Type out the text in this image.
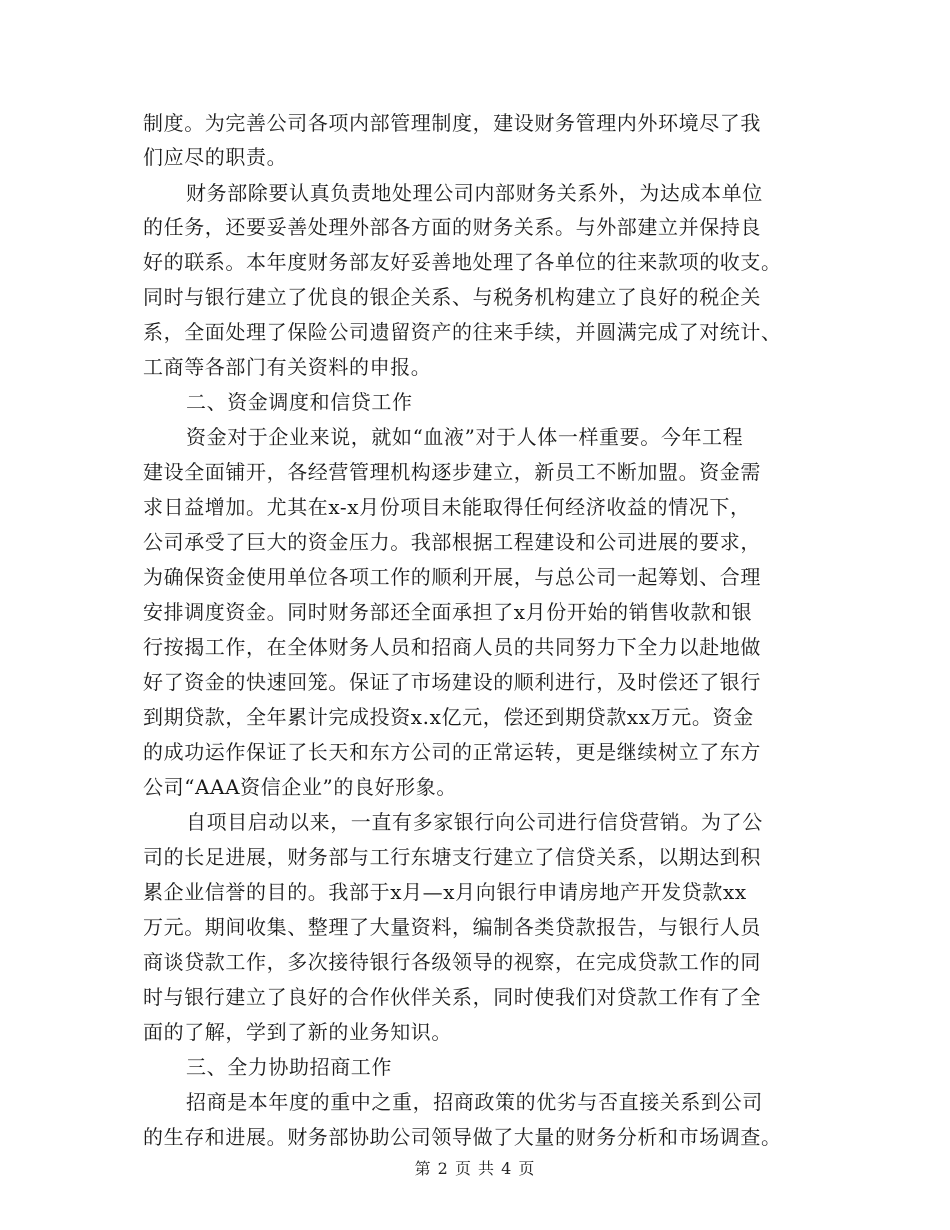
制度。为完善公司各项内部管理制度，建设财务管理内外环境尽了我
们应尽的职责。
财务部除要认真负责地处理公司内部财务关系外，为达成本单位
的任务，还要妥善处理外部各方面的财务关系。与外部建立并保持良
好的联系。本年度财务部友好妥善地处理了各单位的往来款项的收支。
同时与银行建立了优良的银企关系、与税务机构建立了良好的税企关
系，全面处理了保险公司遗留资产的往来手续，并圆满完成了对统计、
工商等各部门有关资料的申报。
二、资金调度和信贷工作
资金对于企业来说，就如“血液”对于人体一样重要。今年工程
建设全面铺开，各经营管理机构逐步建立，新员工不断加盟。资金需
求日益增加。尤其在x-x月份项目未能取得任何经济收益的情况下，
公司承受了巨大的资金压力。我部根据工程建设和公司进展的要求，
为确保资金使用单位各项工作的顺利开展，与总公司一起筹划、合理
安排调度资金。同时财务部还全面承担了x月份开始的销售收款和银
行按揭工作，在全体财务人员和招商人员的共同努力下全力以赴地做
好了资金的快速回笼。保证了市场建设的顺利进行，及时偿还了银行
到期贷款，全年累计完成投资x.x亿元，偿还到期贷款xx万元。资金
的成功运作保证了长天和东方公司的正常运转，更是继续树立了东方
公司“AAA资信企业”的良好形象。
自项目启动以来，一直有多家银行向公司进行信贷营销。为了公
司的长足进展，财务部与工行东塘支行建立了信贷关系，以期达到积
累企业信誉的目的。我部于x月—x月向银行申请房地产开发贷款xx
万元。期间收集、整理了大量资料，编制各类贷款报告，与银行人员
商谈贷款工作，多次接待银行各级领导的视察，在完成贷款工作的同
时与银行建立了良好的合作伙伴关系，同时使我们对贷款工作有了全
面的了解，学到了新的业务知识。
三、全力协助招商工作
招商是本年度的重中之重，招商政策的优劣与否直接关系到公司
的生存和进展。财务部协助公司领导做了大量的财务分析和市场调查。
第 2 页 共 4 页
